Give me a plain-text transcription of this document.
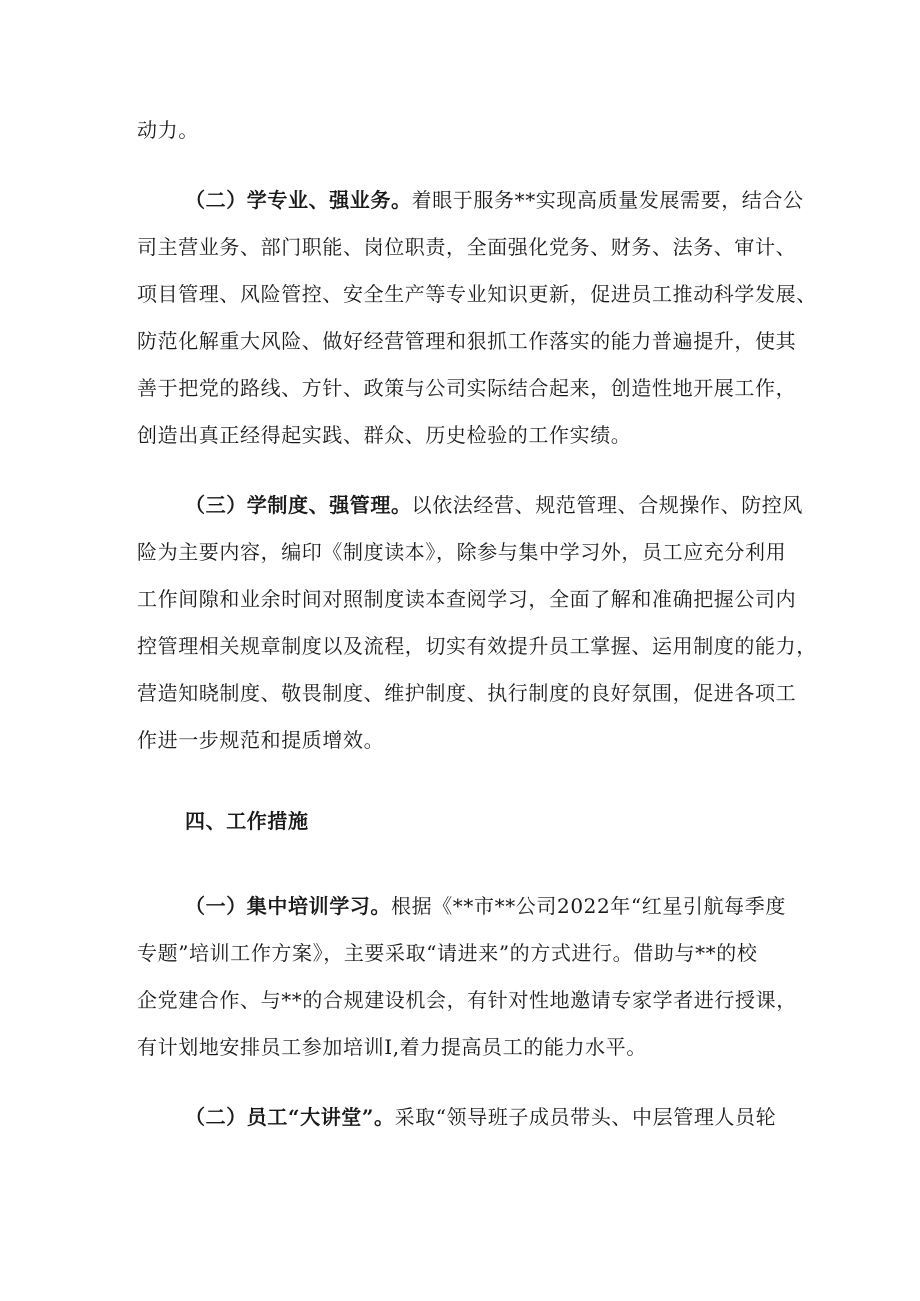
动力。
（二）学专业、强业务。着眼于服务**实现高质量发展需要，结合公
司主营业务、部门职能、岗位职责，全面强化党务、财务、法务、审计、
项目管理、风险管控、安全生产等专业知识更新，促进员工推动科学发展、
防范化解重大风险、做好经营管理和狠抓工作落实的能力普遍提升，使其
善于把党的路线、方针、政策与公司实际结合起来，创造性地开展工作，
创造出真正经得起实践、群众、历史检验的工作实绩。
（三）学制度、强管理。以依法经营、规范管理、合规操作、防控风
险为主要内容，编印《制度读本》，除参与集中学习外，员工应充分利用
工作间隙和业余时间对照制度读本查阅学习，全面了解和准确把握公司内
控管理相关规章制度以及流程，切实有效提升员工掌握、运用制度的能力，
营造知晓制度、敬畏制度、维护制度、执行制度的良好氛围，促进各项工
作进一步规范和提质增效。
四、工作措施
（一）集中培训学习。根据《**市**公司2022年“红星引航每季度
专题”培训工作方案》，主要采取“请进来”的方式进行。借助与**的校
企党建合作、与**的合规建设机会，有针对性地邀请专家学者进行授课，
有计划地安排员工参加培训I,着力提高员工的能力水平。
（二）员工“大讲堂”。采取“领导班子成员带头、中层管理人员轮
